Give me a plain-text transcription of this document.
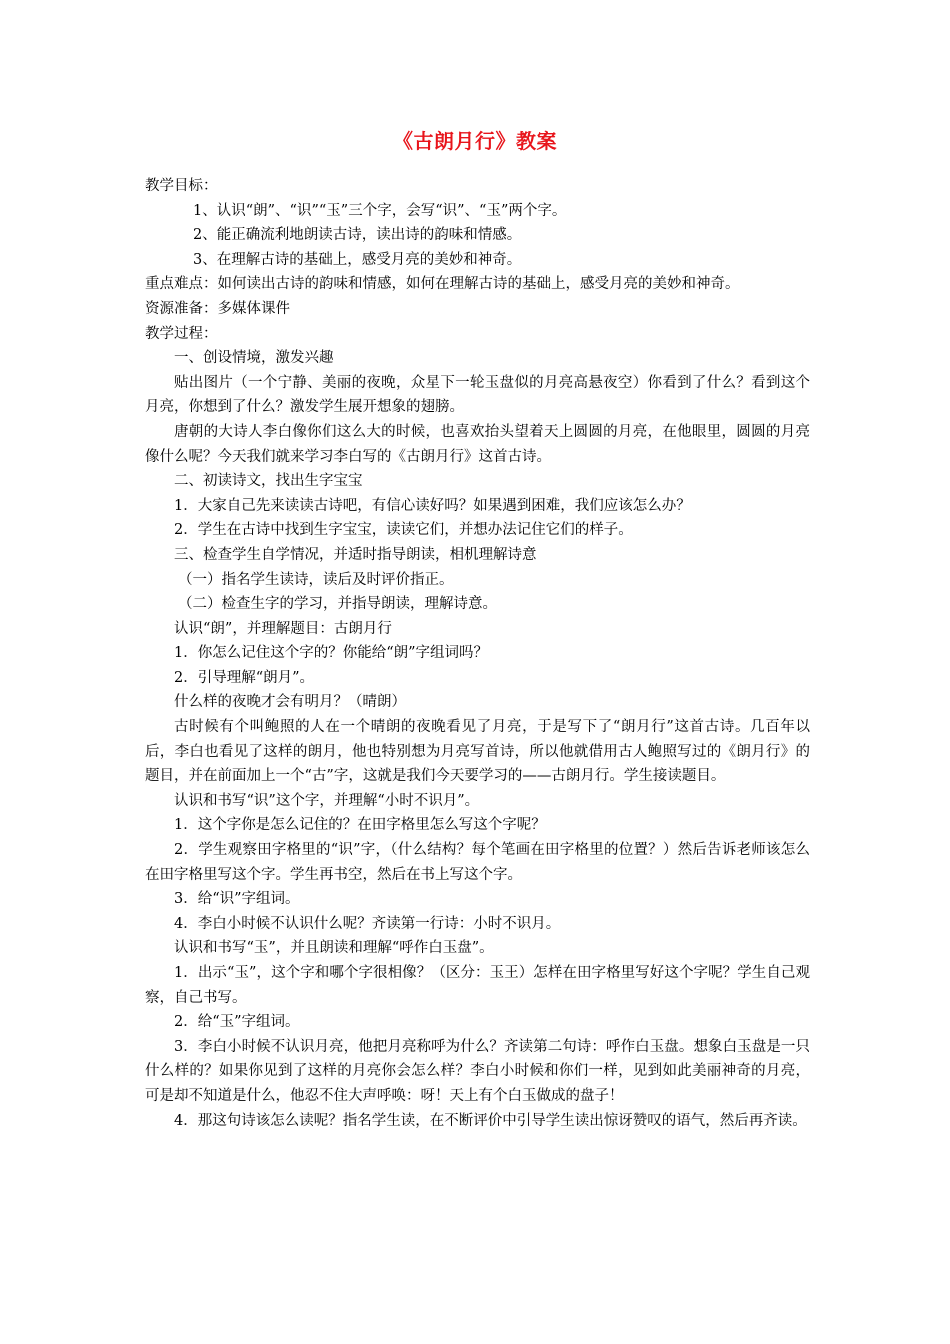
《古朗月行》教案
教学目标：
1、认识“朗”、“识”“玉”三个字，会写“识”、“玉”两个字。
2、能正确流利地朗读古诗，读出诗的韵味和情感。
3、在理解古诗的基础上，感受月亮的美妙和神奇。
重点难点：如何读出古诗的韵味和情感，如何在理解古诗的基础上，感受月亮的美妙和神奇。
资源准备：多媒体课件
教学过程：
一、创设情境，激发兴趣
贴出图片（一个宁静、美丽的夜晚，众星下一轮玉盘似的月亮高悬夜空）你看到了什么？看到这个月亮，你想到了什么？激发学生展开想象的翅膀。
唐朝的大诗人李白像你们这么大的时候，也喜欢抬头望着天上圆圆的月亮，在他眼里，圆圆的月亮像什么呢？今天我们就来学习李白写的《古朗月行》这首古诗。
二、初读诗文，找出生字宝宝
1．大家自己先来读读古诗吧，有信心读好吗？如果遇到困难，我们应该怎么办？
2．学生在古诗中找到生字宝宝，读读它们，并想办法记住它们的样子。
三、检查学生自学情况，并适时指导朗读，相机理解诗意
（一）指名学生读诗，读后及时评价指正。
（二）检查生字的学习，并指导朗读，理解诗意。
认识“朗”，并理解题目：古朗月行
1．你怎么记住这个字的？你能给“朗”字组词吗？
2．引导理解“朗月”。
什么样的夜晚才会有明月？（晴朗）
古时候有个叫鲍照的人在一个晴朗的夜晚看见了月亮，于是写下了“朗月行”这首古诗。几百年以后，李白也看见了这样的朗月，他也特别想为月亮写首诗，所以他就借用古人鲍照写过的《朗月行》的题目，并在前面加上一个“古”字，这就是我们今天要学习的——古朗月行。学生接读题目。
认识和书写“识”这个字，并理解“小时不识月”。
1．这个字你是怎么记住的？在田字格里怎么写这个字呢？
2．学生观察田字格里的“识”字，（什么结构？每个笔画在田字格里的位置？）然后告诉老师该怎么在田字格里写这个字。学生再书空，然后在书上写这个字。
3．给“识”字组词。
4．李白小时候不认识什么呢？齐读第一行诗：小时不识月。
认识和书写“玉”，并且朗读和理解“呼作白玉盘”。
1．出示“玉”，这个字和哪个字很相像？（区分：玉王）怎样在田字格里写好这个字呢？学生自己观察，自己书写。
2．给“玉”字组词。
3．李白小时候不认识月亮，他把月亮称呼为什么？齐读第二句诗：呼作白玉盘。想象白玉盘是一只什么样的？如果你见到了这样的月亮你会怎么样？李白小时候和你们一样，见到如此美丽神奇的月亮，可是却不知道是什么，他忍不住大声呼唤：呀！天上有个白玉做成的盘子！
4．那这句诗该怎么读呢？指名学生读，在不断评价中引导学生读出惊讶赞叹的语气，然后再齐读。
